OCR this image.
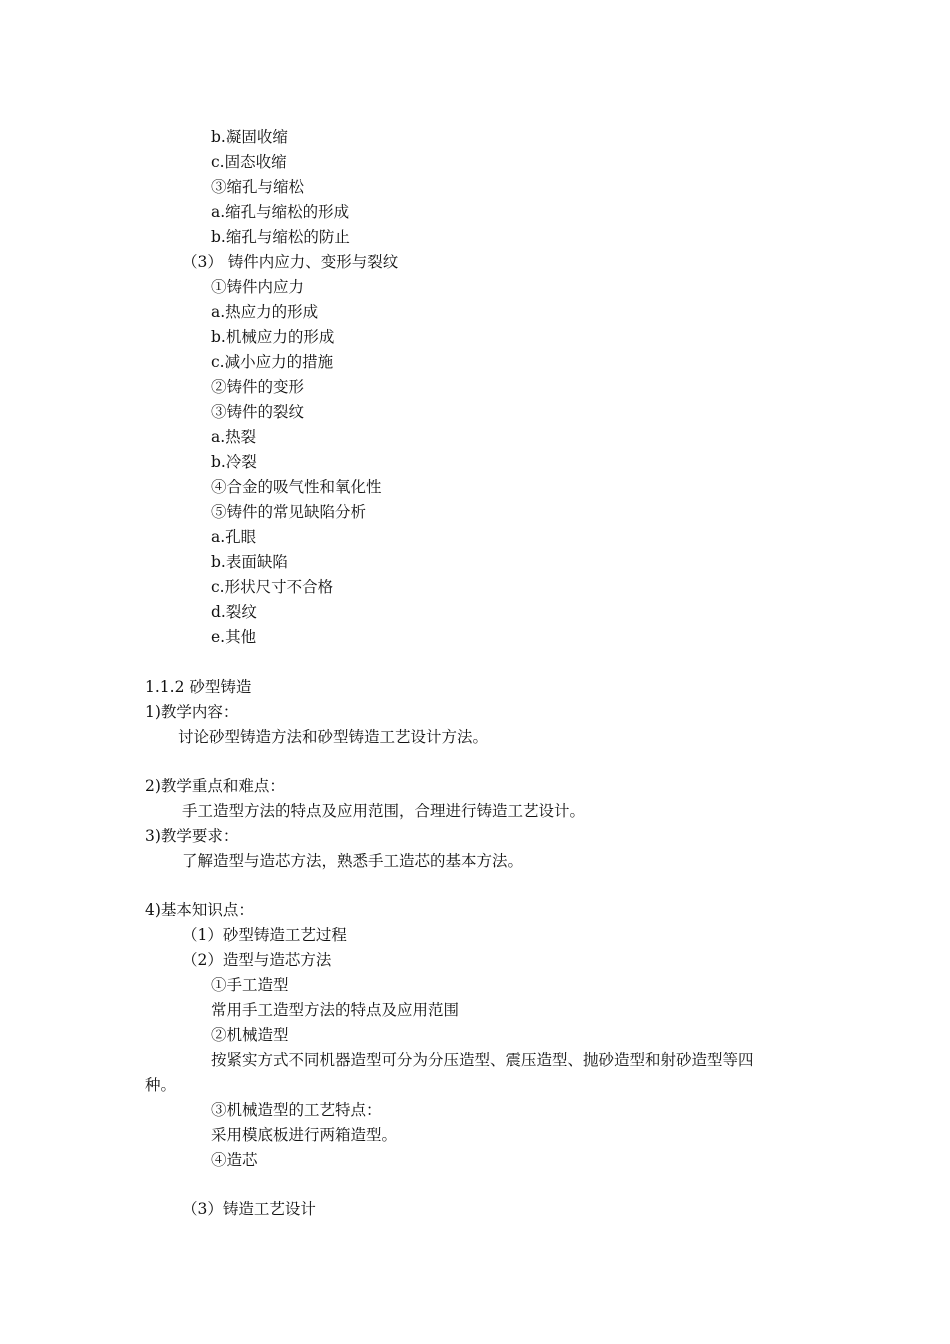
b.凝固收缩
c.固态收缩
③缩孔与缩松
a.缩孔与缩松的形成
b.缩孔与缩松的防止
（3） 铸件内应力、变形与裂纹
①铸件内应力
a.热应力的形成
b.机械应力的形成
c.减小应力的措施
②铸件的变形
③铸件的裂纹
a.热裂
b.冷裂
④合金的吸气性和氧化性
⑤铸件的常见缺陷分析
a.孔眼
b.表面缺陷
c.形状尺寸不合格
d.裂纹
e.其他
1.1.2 砂型铸造
1)教学内容：
讨论砂型铸造方法和砂型铸造工艺设计方法。
2)教学重点和难点：
手工造型方法的特点及应用范围，合理进行铸造工艺设计。
3)教学要求：
了解造型与造芯方法，熟悉手工造芯的基本方法。
4)基本知识点：
（1）砂型铸造工艺过程
（2）造型与造芯方法
①手工造型
常用手工造型方法的特点及应用范围
②机械造型
按紧实方式不同机器造型可分为分压造型、震压造型、抛砂造型和射砂造型等四
种。
③机械造型的工艺特点：
采用模底板进行两箱造型。
④造芯
（3）铸造工艺设计
